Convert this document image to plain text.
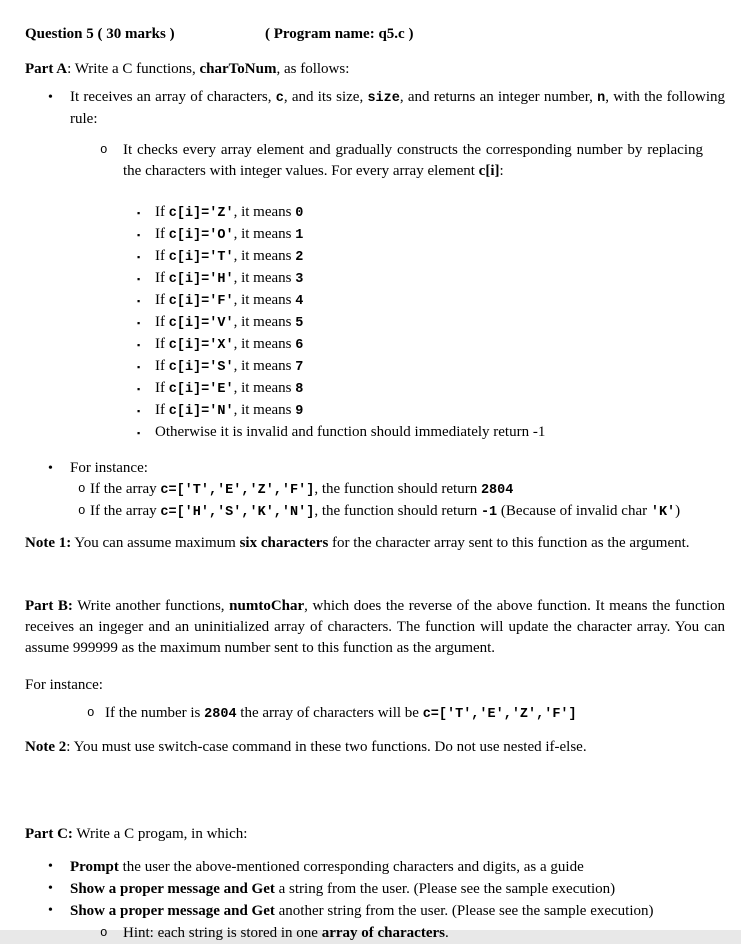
Question 5 ( 30 marks )	( Program name: q5.c )

Part A: Write a C functions, charToNum, as follows:

•	It receives an array of characters, c, and its size, size, and returns an integer number, n, with the following rule:
o	It checks every array element and gradually constructs the corresponding number by replacing the characters with integer values. For every array element c[i]:
▪ If c[i]='Z', it means 0
▪ If c[i]='O', it means 1
▪ If c[i]='T', it means 2
▪ If c[i]='H', it means 3
▪ If c[i]='F', it means 4
▪ If c[i]='V', it means 5
▪ If c[i]='X', it means 6
▪ If c[i]='S', it means 7
▪ If c[i]='E', it means 8
▪ If c[i]='N', it means 9
▪ Otherwise it is invalid and function should immediately return -1
•	For instance:
o If the array c=['T','E','Z','F'], the function should return 2804
o If the array c=['H','S','K','N'], the function should return -1 (Because of invalid char 'K')

Note 1: You can assume maximum six characters for the character array sent to this function as the argument.

Part B: Write another functions, numtoChar, which does the reverse of the above function. It means the function receives an ingeger and an uninitialized array of characters. The function will update the character array. You can assume 999999 as the maximum number sent to this function as the argument.

For instance:

o If the number is 2804 the array of characters will be c=['T','E','Z','F']

Note 2: You must use switch-case command in these two functions. Do not use nested if-else.

Part C: Write a C progam, in which:

•	Prompt the user the above-mentioned corresponding characters and digits, as a guide
•	Show a proper message and Get a string from the user. (Please see the sample execution)
•	Show a proper message and Get another string from the user. (Please see the sample execution)
o	Hint: each string is stored in one array of characters.
